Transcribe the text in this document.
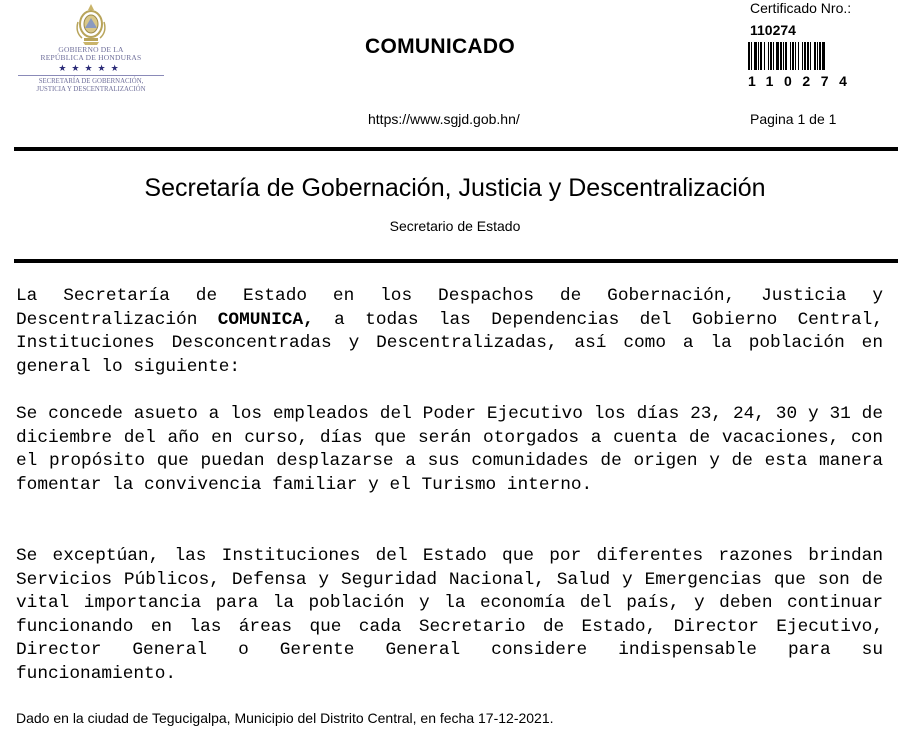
GOBIERNO DE LA
REPÚBLICA DE HONDURAS
★★★★★
SECRETARÍA DE GOBERNACIÓN,
JUSTICIA Y DESCENTRALIZACIÓN
COMUNICADO
https://www.sgjd.gob.hn/
Certificado Nro.:
110274
110274
Pagina 1 de 1
Secretaría de Gobernación, Justicia y Descentralización
Secretario de Estado

La Secretaría de Estado en los Despachos de Gobernación, Justicia y Descentralización COMUNICA, a todas las Dependencias del Gobierno Central, Instituciones Desconcentradas y Descentralizadas, así como a la población en general lo siguiente:

Se concede asueto a los empleados del Poder Ejecutivo los días 23, 24, 30 y 31 de diciembre del año en curso, días que serán otorgados a cuenta de vacaciones, con el propósito que puedan desplazarse a sus comunidades de origen y de esta manera fomentar la convivencia familiar y el Turismo interno.

Se exceptúan, las Instituciones del Estado que por diferentes razones brindan Servicios Públicos, Defensa y Seguridad Nacional, Salud y Emergencias que son de vital importancia para la población y la economía del país, y deben continuar funcionando en las áreas que cada Secretario de Estado, Director Ejecutivo, Director General o Gerente General considere indispensable para su funcionamiento.

Dado en la ciudad de Tegucigalpa, Municipio del Distrito Central, en fecha 17-12-2021.
